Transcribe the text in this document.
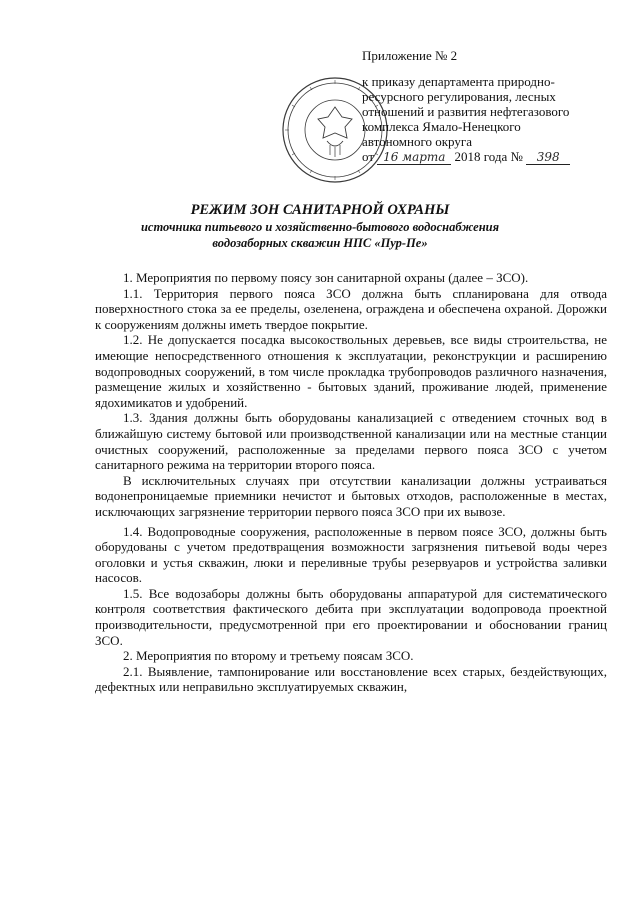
Приложение № 2
к приказу департамента природно-
ресурсного регулирования, лесных
отношений и развития нефтегазового
комплекса Ямало-Ненецкого
автономного округа
от 16 марта 2018 года № 398
РЕЖИМ ЗОН САНИТАРНОЙ ОХРАНЫ
источника питьевого и хозяйственно-бытового водоснабжения
водозаборных скважин НПС «Пур-Пе»

1. Мероприятия по первому поясу зон санитарной охраны (далее – ЗСО).

1.1. Территория первого пояса ЗСО должна быть спланирована для отвода поверхностного стока за ее пределы, озеленена, ограждена и обеспечена охраной. Дорожки к сооружениям должны иметь твердое покрытие.

1.2. Не допускается посадка высокоствольных деревьев, все виды строительства, не имеющие непосредственного отношения к эксплуатации, реконструкции и расширению водопроводных сооружений, в том числе прокладка трубопроводов различного назначения, размещение жилых и хозяйственно - бытовых зданий, проживание людей, применение ядохимикатов и удобрений.

1.3. Здания должны быть оборудованы канализацией с отведением сточных вод в ближайшую систему бытовой или производственной канализации или на местные станции очистных сооружений, расположенные за пределами первого пояса ЗСО с учетом санитарного режима на территории второго пояса.

В исключительных случаях при отсутствии канализации должны устраиваться водонепроницаемые приемники нечистот и бытовых отходов, расположенные в местах, исключающих загрязнение территории первого пояса ЗСО при их вывозе.

1.4. Водопроводные сооружения, расположенные в первом поясе ЗСО, должны быть оборудованы с учетом предотвращения возможности загрязнения питьевой воды через оголовки и устья скважин, люки и переливные трубы резервуаров и устройства заливки насосов.

1.5. Все водозаборы должны быть оборудованы аппаратурой для систематического контроля соответствия фактического дебита при эксплуатации водопровода проектной производительности, предусмотренной при его проектировании и обосновании границ ЗСО.

2. Мероприятия по второму и третьему поясам ЗСО.

2.1. Выявление, тампонирование или восстановление всех старых, бездействующих, дефектных или неправильно эксплуатируемых скважин,
